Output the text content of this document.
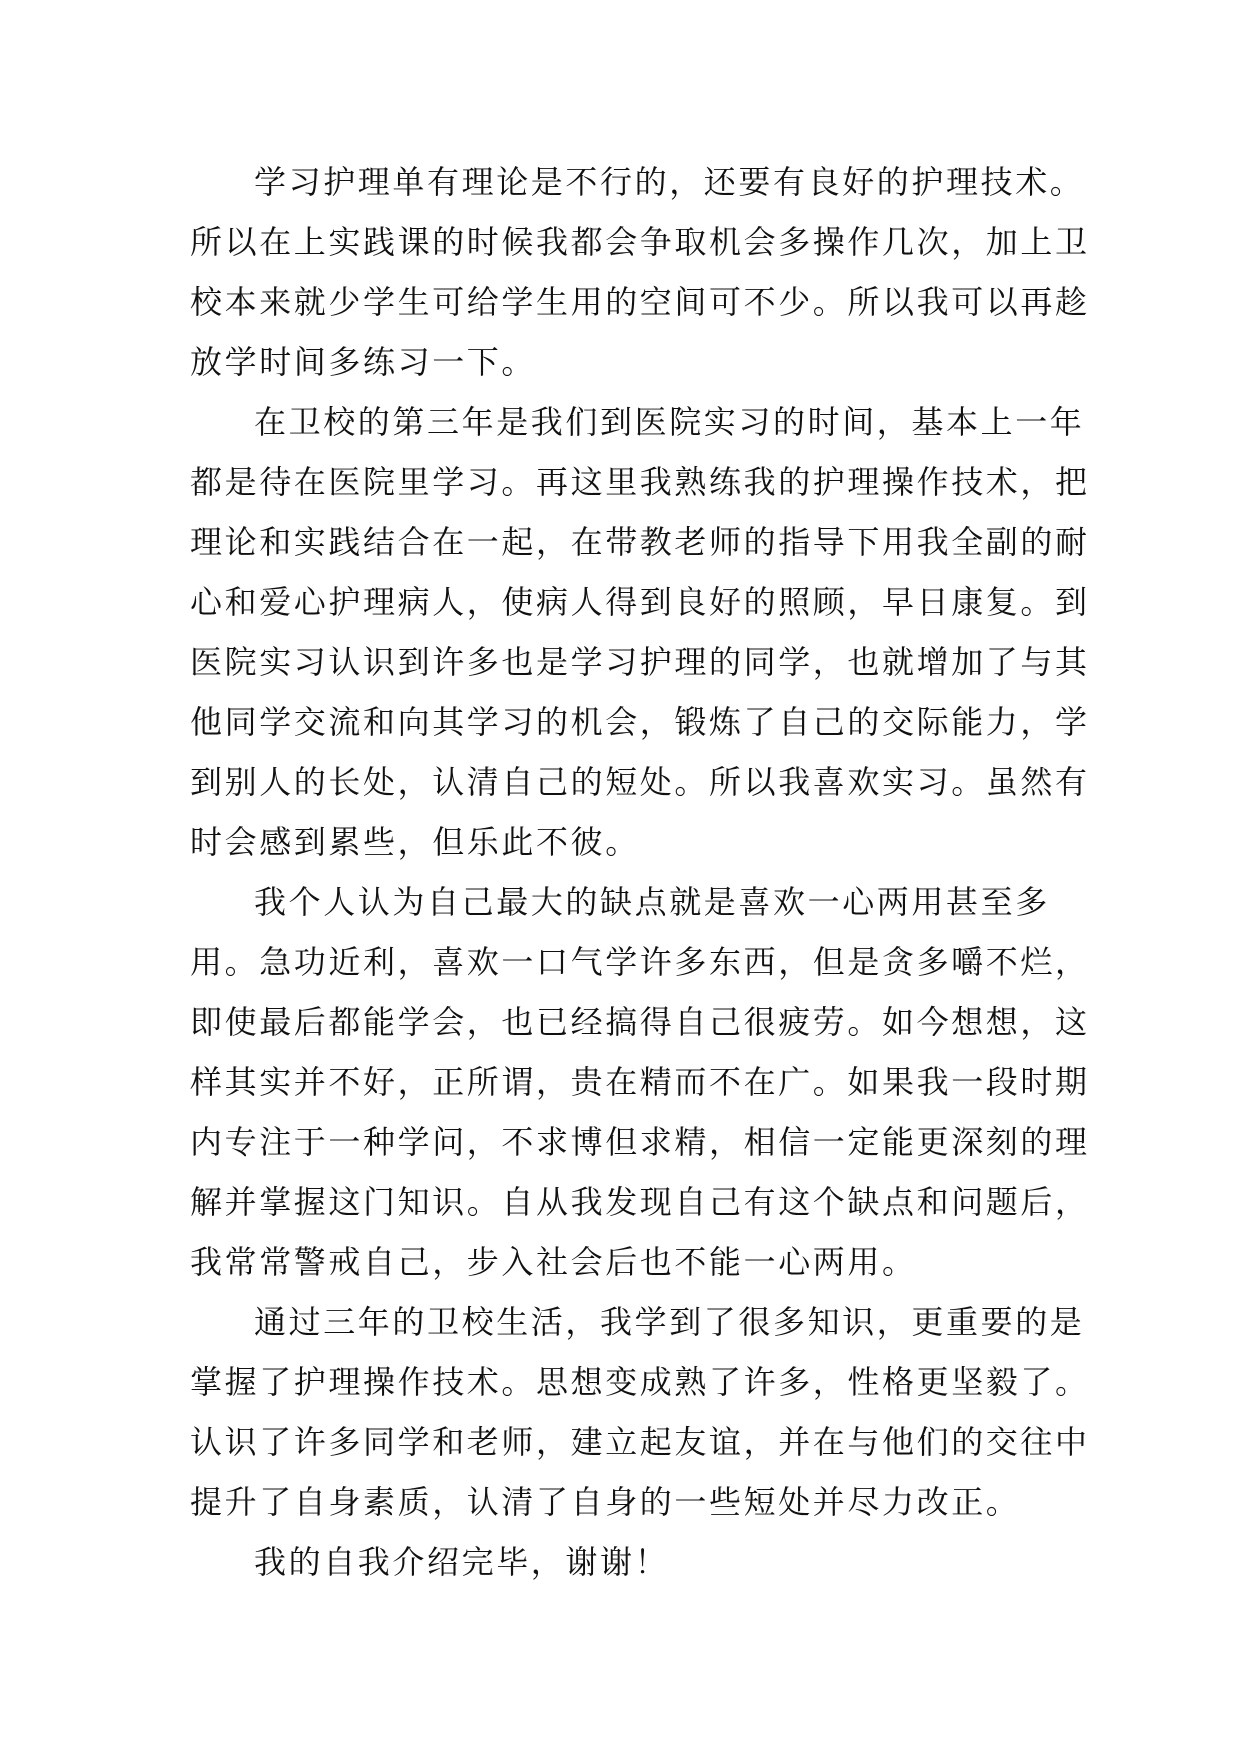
学习护理单有理论是不行的，还要有良好的护理技术。
所以在上实践课的时候我都会争取机会多操作几次，加上卫
校本来就少学生可给学生用的空间可不少。所以我可以再趁
放学时间多练习一下。
在卫校的第三年是我们到医院实习的时间，基本上一年
都是待在医院里学习。再这里我熟练我的护理操作技术，把
理论和实践结合在一起，在带教老师的指导下用我全副的耐
心和爱心护理病人，使病人得到良好的照顾，早日康复。到
医院实习认识到许多也是学习护理的同学，也就增加了与其
他同学交流和向其学习的机会，锻炼了自己的交际能力，学
到别人的长处，认清自己的短处。所以我喜欢实习。虽然有
时会感到累些，但乐此不彼。
我个人认为自己最大的缺点就是喜欢一心两用甚至多
用。急功近利，喜欢一口气学许多东西，但是贪多嚼不烂，
即使最后都能学会，也已经搞得自己很疲劳。如今想想，这
样其实并不好，正所谓，贵在精而不在广。如果我一段时期
内专注于一种学问，不求博但求精，相信一定能更深刻的理
解并掌握这门知识。自从我发现自己有这个缺点和问题后，
我常常警戒自己，步入社会后也不能一心两用。
通过三年的卫校生活，我学到了很多知识，更重要的是
掌握了护理操作技术。思想变成熟了许多，性格更坚毅了。
认识了许多同学和老师，建立起友谊，并在与他们的交往中
提升了自身素质，认清了自身的一些短处并尽力改正。
我的自我介绍完毕，谢谢！
